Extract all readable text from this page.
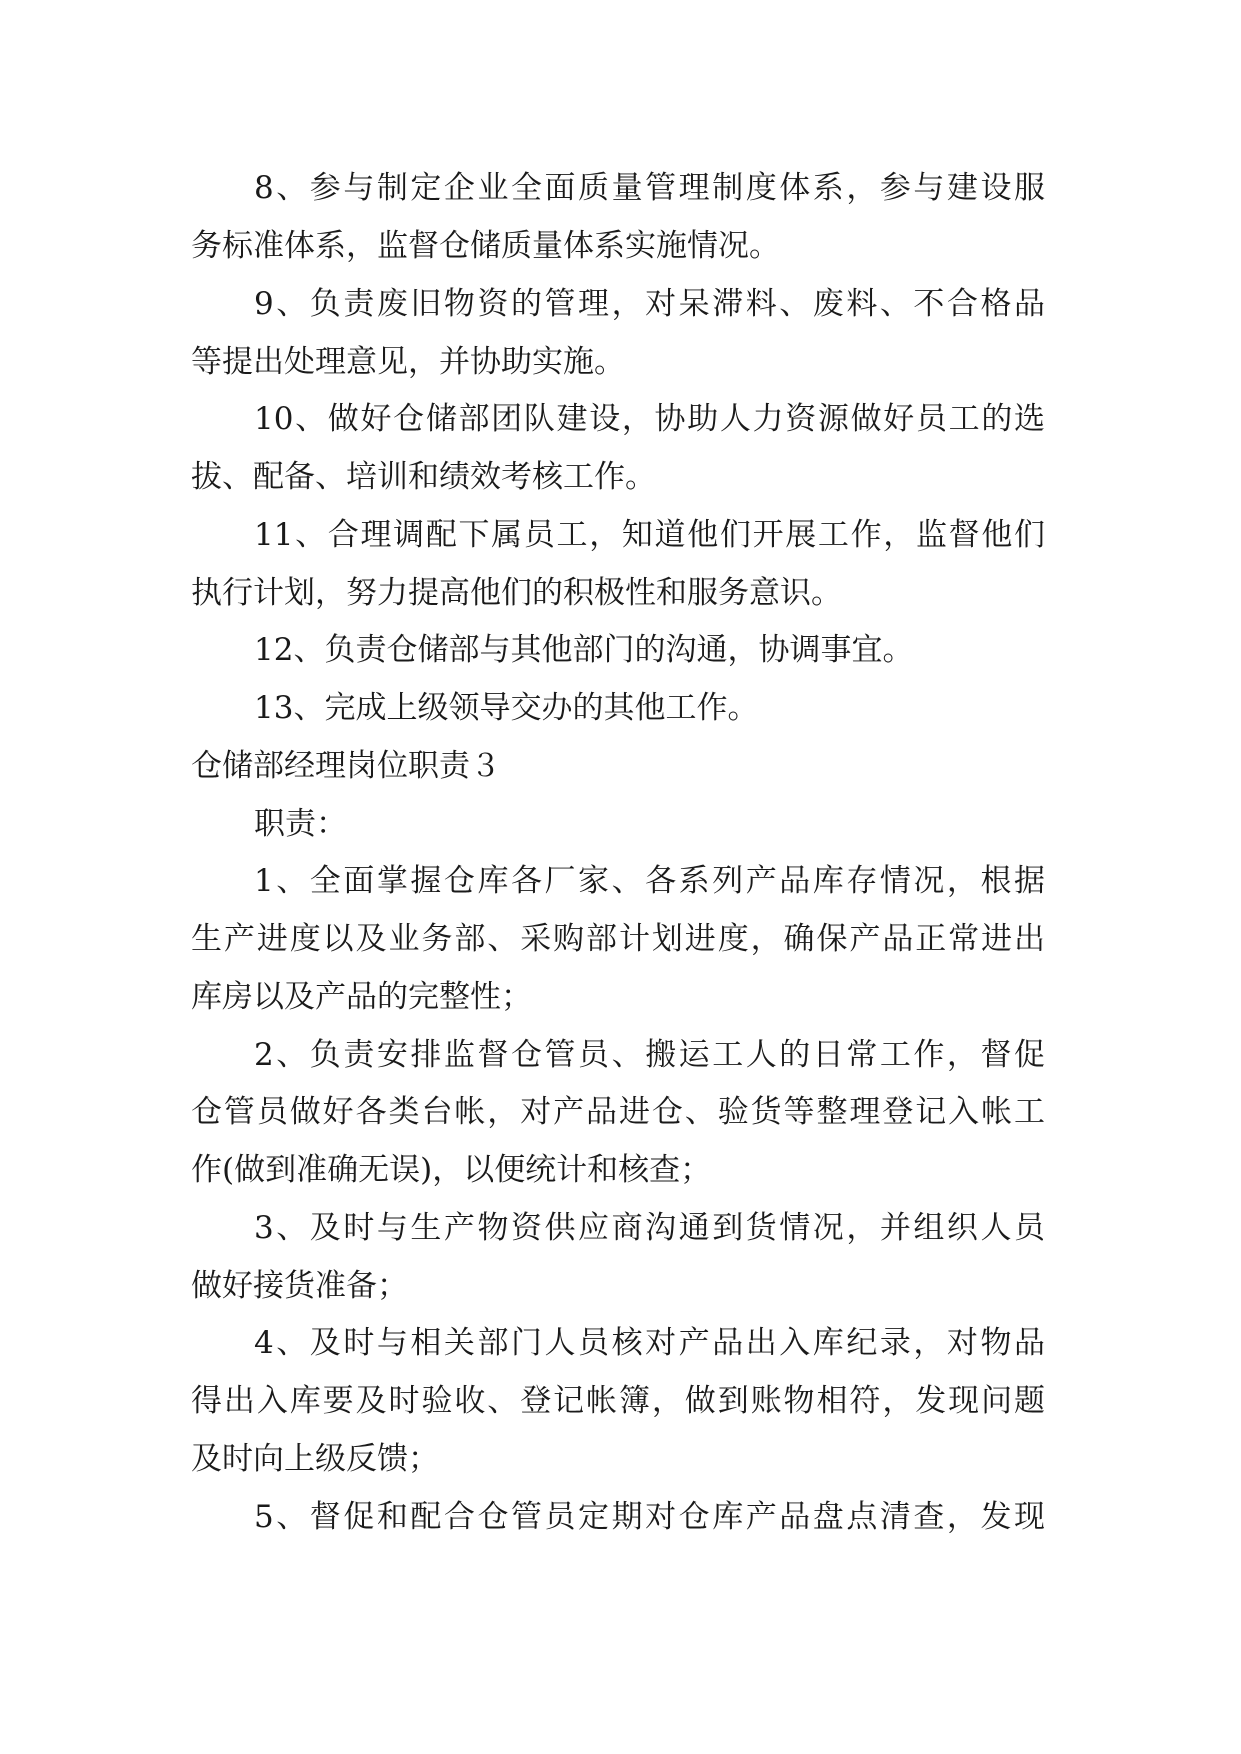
8、参与制定企业全面质量管理制度体系，参与建设服
务标准体系，监督仓储质量体系实施情况。
9、负责废旧物资的管理，对呆滞料、废料、不合格品
等提出处理意见，并协助实施。
10、做好仓储部团队建设，协助人力资源做好员工的选
拔、配备、培训和绩效考核工作。
11、合理调配下属员工，知道他们开展工作，监督他们
执行计划，努力提高他们的积极性和服务意识。
12、负责仓储部与其他部门的沟通，协调事宜。
13、完成上级领导交办的其他工作。
仓储部经理岗位职责３
职责：
1、全面掌握仓库各厂家、各系列产品库存情况，根据
生产进度以及业务部、采购部计划进度，确保产品正常进出
库房以及产品的完整性；
2、负责安排监督仓管员、搬运工人的日常工作，督促
仓管员做好各类台帐，对产品进仓、验货等整理登记入帐工
作(做到准确无误)，以便统计和核查；
3、及时与生产物资供应商沟通到货情况，并组织人员
做好接货准备；
4、及时与相关部门人员核对产品出入库纪录，对物品
得出入库要及时验收、登记帐簿，做到账物相符，发现问题
及时向上级反馈；
5、督促和配合仓管员定期对仓库产品盘点清查，发现
